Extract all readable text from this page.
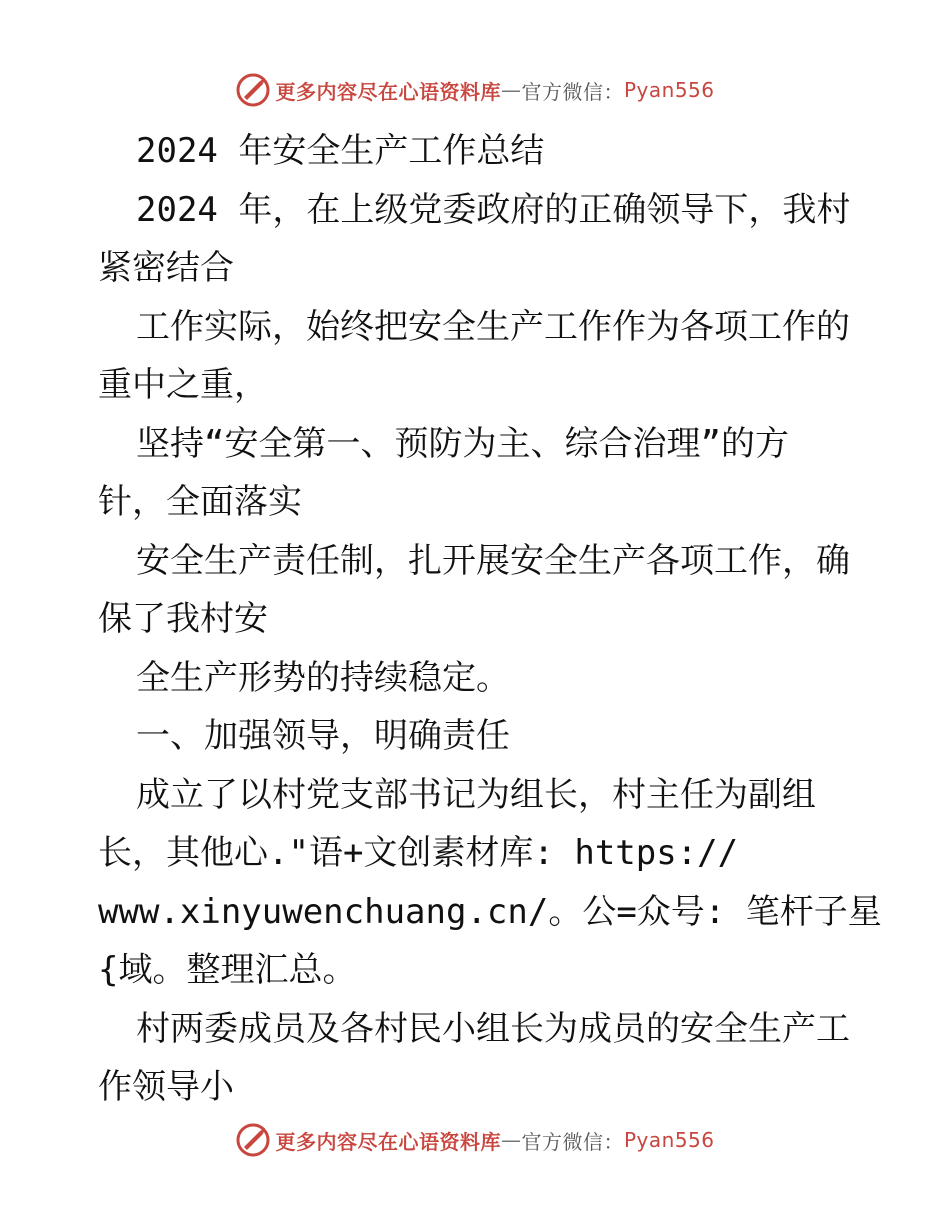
更多内容尽在心语资料库 — 官方微信： Pyan556
2024 年安全生产工作总结
2024 年，在上级党委政府的正确领导下，我村
紧密结合
工作实际，始终把安全生产工作作为各项工作的
重中之重，
坚持“安全第一、预防为主、综合治理”的方
针，全面落实
安全生产责任制，扎开展安全生产各项工作，确
保了我村安
全生产形势的持续稳定。
一、加强领导，明确责任
成立了以村党支部书记为组长，村主任为副组
长，其他心."语+文创素材库: https://
www.xinyuwenchuang.cn/。公=众号: 笔杆子星
{域。整理汇总。
村两委成员及各村民小组长为成员的安全生产工
作领导小
更多内容尽在心语资料库 — 官方微信： Pyan556
